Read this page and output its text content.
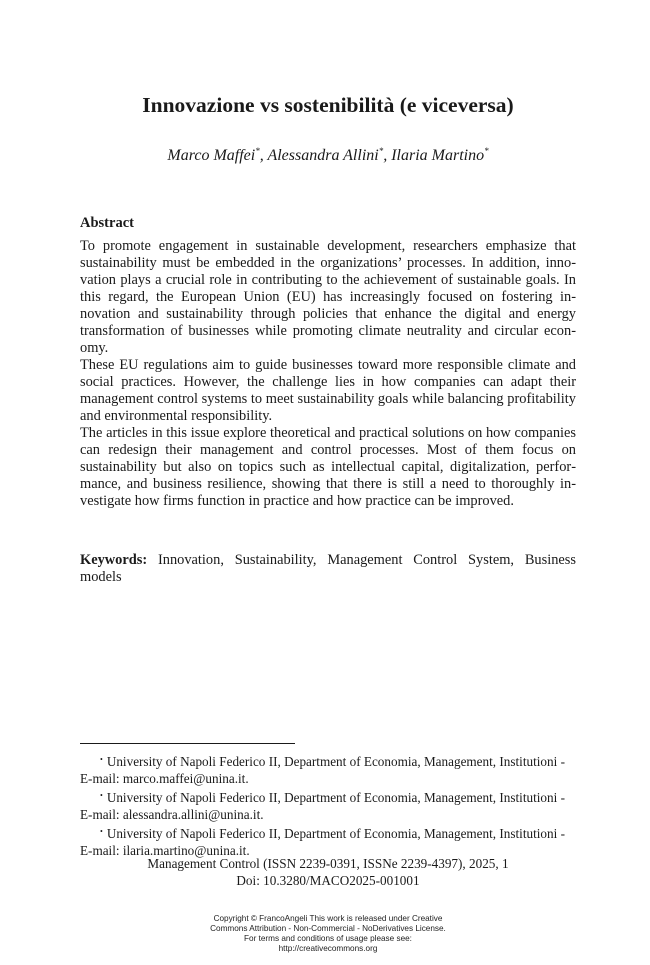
Innovazione vs sostenibilità (e viceversa)
Marco Maffei*, Alessandra Allini*, Ilaria Martino*
Abstract

To promote engagement in sustainable development, researchers emphasize that sustainability must be embedded in the organizations’ processes. In addition, innovation plays a crucial role in contributing to the achievement of sustainable goals. In this regard, the European Union (EU) has increasingly focused on fostering innovation and sustainability through policies that enhance the digital and energy transformation of businesses while promoting climate neutrality and circular economy.

These EU regulations aim to guide businesses toward more responsible climate and social practices. However, the challenge lies in how companies can adapt their management control systems to meet sustainability goals while balancing profitability and environmental responsibility.

The articles in this issue explore theoretical and practical solutions on how companies can redesign their management and control processes. Most of them focus on sustainability but also on topics such as intellectual capital, digitalization, performance, and business resilience, showing that there is still a need to thoroughly investigate how firms function in practice and how practice can be improved.

Keywords: Innovation, Sustainability, Management Control System, Business models
• University of Napoli Federico II, Department of Economia, Management, Institutioni -
E-mail: marco.maffei@unina.it.
• University of Napoli Federico II, Department of Economia, Management, Institutioni -
E-mail: alessandra.allini@unina.it.
• University of Napoli Federico II, Department of Economia, Management, Institutioni -
E-mail: ilaria.martino@unina.it.
Management Control (ISSN 2239-0391, ISSNe 2239-4397), 2025, 1
Doi: 10.3280/MACO2025-001001
Copyright © FrancoAngeli This work is released under Creative
Commons Attribution - Non-Commercial - NoDerivatives License.
For terms and conditions of usage please see:
http://creativecommons.org
